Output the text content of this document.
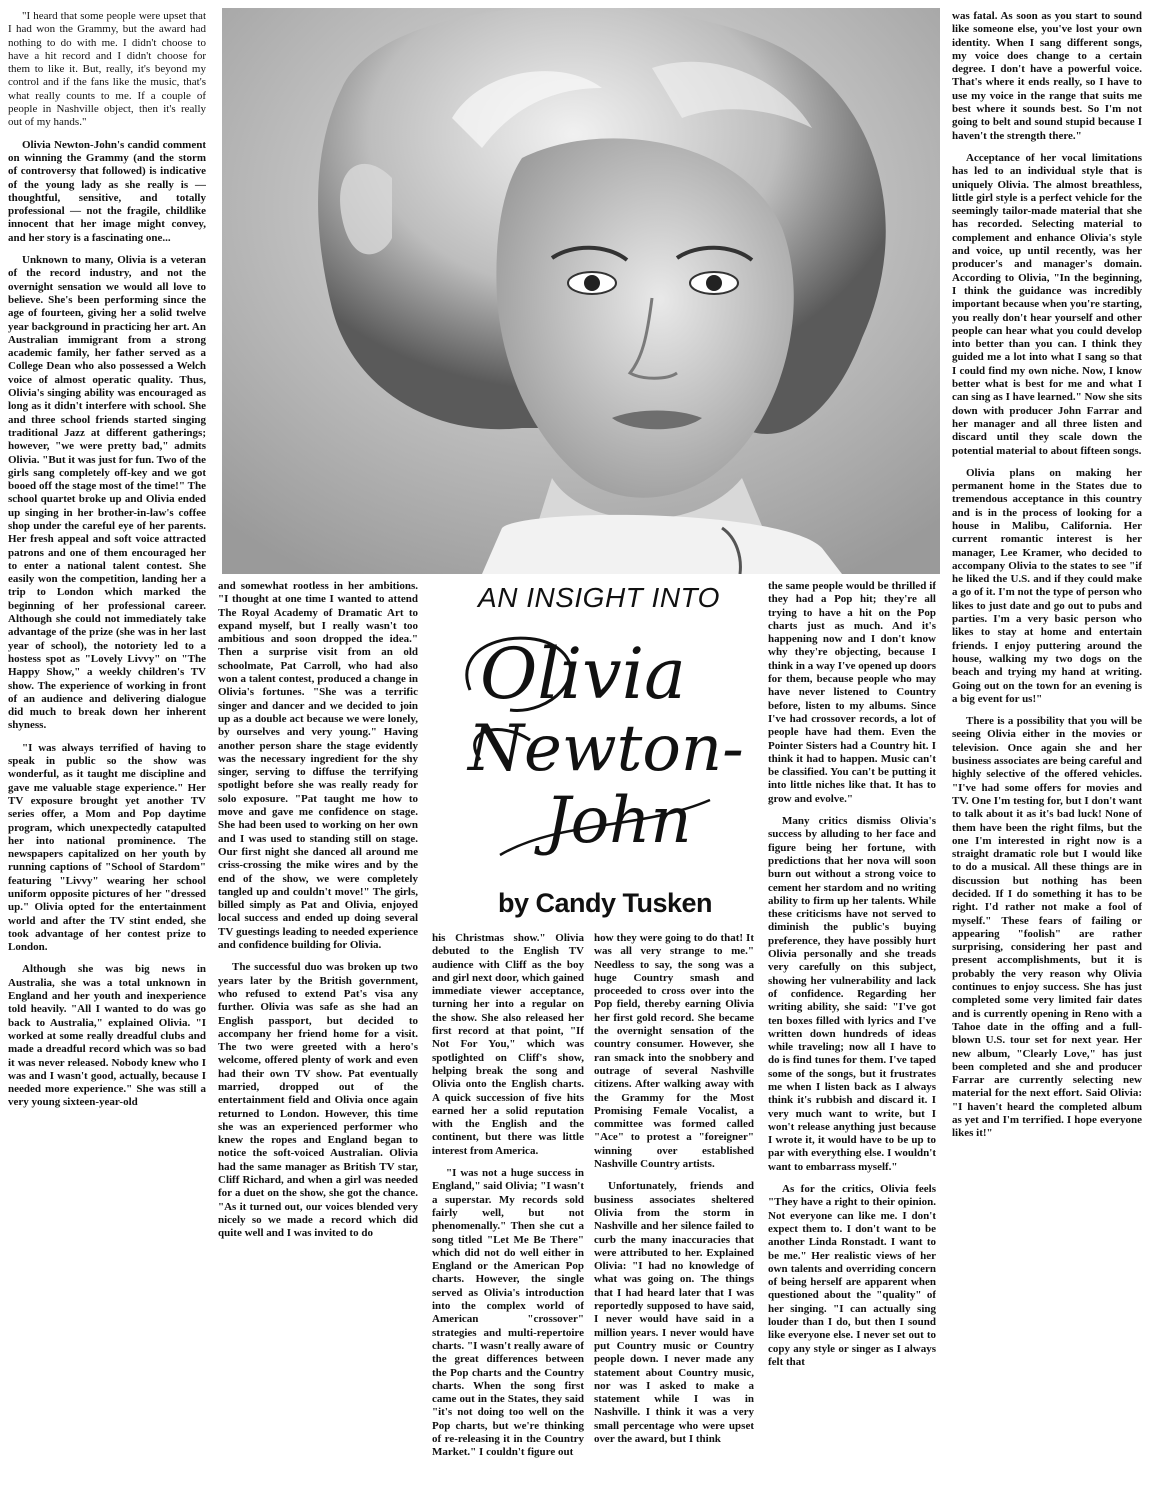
AN INSIGHT INTO
Olivia
Newton-
John
by Candy Tusken

"I heard that some people were upset that I had won the Grammy, but the award had nothing to do with me. I didn't choose to have a hit record and I didn't choose for them to like it. But, really, it's beyond my control and if the fans like the music, that's what really counts to me. If a couple of people in Nashville object, then it's really out of my hands."

Olivia Newton-John's candid comment on winning the Grammy (and the storm of controversy that followed) is indicative of the young lady as she really is — thoughtful, sensitive, and totally professional — not the fragile, childlike innocent that her image might convey, and her story is a fascinating one...

Unknown to many, Olivia is a veteran of the record industry, and not the overnight sensation we would all love to believe. She's been performing since the age of fourteen, giving her a solid twelve year background in practicing her art. An Australian immigrant from a strong academic family, her father served as a College Dean who also possessed a Welch voice of almost operatic quality. Thus, Olivia's singing ability was encouraged as long as it didn't interfere with school. She and three school friends started singing traditional Jazz at different gatherings; however, "we were pretty bad," admits Olivia. "But it was just for fun. Two of the girls sang completely off-key and we got booed off the stage most of the time!" The school quartet broke up and Olivia ended up singing in her brother-in-law's coffee shop under the careful eye of her parents. Her fresh appeal and soft voice attracted patrons and one of them encouraged her to enter a national talent contest. She easily won the competition, landing her a trip to London which marked the beginning of her professional career. Although she could not immediately take advantage of the prize (she was in her last year of school), the notoriety led to a hostess spot as "Lovely Livvy" on "The Happy Show," a weekly children's TV show. The experience of working in front of an audience and delivering dialogue did much to break down her inherent shyness.

"I was always terrified of having to speak in public so the show was wonderful, as it taught me discipline and gave me valuable stage experience." Her TV exposure brought yet another TV series offer, a Mom and Pop daytime program, which unexpectedly catapulted her into national prominence. The newspapers capitalized on her youth by running captions of "School of Stardom" featuring "Livvy" wearing her school uniform opposite pictures of her "dressed up." Olivia opted for the entertainment world and after the TV stint ended, she took advantage of her contest prize to London.

Although she was big news in Australia, she was a total unknown in England and her youth and inexperience told heavily. "All I wanted to do was go back to Australia," explained Olivia. "I worked at some really dreadful clubs and made a dreadful record which was so bad it was never released. Nobody knew who I was and I wasn't good, actually, because I needed more experience." She was still a very young sixteen-year-old

and somewhat rootless in her ambitions. "I thought at one time I wanted to attend The Royal Academy of Dramatic Art to expand myself, but I really wasn't too ambitious and soon dropped the idea." Then a surprise visit from an old schoolmate, Pat Carroll, who had also won a talent contest, produced a change in Olivia's fortunes. "She was a terrific singer and dancer and we decided to join up as a double act because we were lonely, by ourselves and very young." Having another person share the stage evidently was the necessary ingredient for the shy singer, serving to diffuse the terrifying spotlight before she was really ready for solo exposure. "Pat taught me how to move and gave me confidence on stage. She had been used to working on her own and I was used to standing still on stage. Our first night she danced all around me criss-crossing the mike wires and by the end of the show, we were completely tangled up and couldn't move!" The girls, billed simply as Pat and Olivia, enjoyed local success and ended up doing several TV guestings leading to needed experience and confidence building for Olivia.

The successful duo was broken up two years later by the British government, who refused to extend Pat's visa any further. Olivia was safe as she had an English passport, but decided to accompany her friend home for a visit. The two were greeted with a hero's welcome, offered plenty of work and even had their own TV show. Pat eventually married, dropped out of the entertainment field and Olivia once again returned to London. However, this time she was an experienced performer who knew the ropes and England began to notice the soft-voiced Australian. Olivia had the same manager as British TV star, Cliff Richard, and when a girl was needed for a duet on the show, she got the chance. "As it turned out, our voices blended very nicely so we made a record which did quite well and I was invited to do

his Christmas show." Olivia debuted to the English TV audience with Cliff as the boy and girl next door, which gained immediate viewer acceptance, turning her into a regular on the show. She also released her first record at that point, "If Not For You," which was spotlighted on Cliff's show, helping break the song and Olivia onto the English charts. A quick succession of five hits earned her a solid reputation with the English and the continent, but there was little interest from America.

"I was not a huge success in England," said Olivia; "I wasn't a superstar. My records sold fairly well, but not phenomenally." Then she cut a song titled "Let Me Be There" which did not do well either in England or the American Pop charts. However, the single served as Olivia's introduction into the complex world of American "crossover" strategies and multi-repertoire charts. "I wasn't really aware of the great differences between the Pop charts and the Country charts. When the song first came out in the States, they said "it's not doing too well on the Pop charts, but we're thinking of re-releasing it in the Country Market." I couldn't figure out

how they were going to do that! It was all very strange to me." Needless to say, the song was a huge Country smash and proceeded to cross over into the Pop field, thereby earning Olivia her first gold record. She became the overnight sensation of the country consumer. However, she ran smack into the snobbery and outrage of several Nashville citizens. After walking away with the Grammy for the Most Promising Female Vocalist, a committee was formed called "Ace" to protest a "foreigner" winning over established Nashville Country artists.

Unfortunately, friends and business associates sheltered Olivia from the storm in Nashville and her silence failed to curb the many inaccuracies that were attributed to her. Explained Olivia: "I had no knowledge of what was going on. The things that I had heard later that I was reportedly supposed to have said, I never would have said in a million years. I never would have put Country music or Country people down. I never made any statement about Country music, nor was I asked to make a statement while I was in Nashville. I think it was a very small percentage who were upset over the award, but I think

the same people would be thrilled if they had a Pop hit; they're all trying to have a hit on the Pop charts just as much. And it's happening now and I don't know why they're objecting, because I think in a way I've opened up doors for them, because people who may have never listened to Country before, listen to my albums. Since I've had crossover records, a lot of people have had them. Even the Pointer Sisters had a Country hit. I think it had to happen. Music can't be classified. You can't be putting it into little niches like that. It has to grow and evolve."

Many critics dismiss Olivia's success by alluding to her face and figure being her fortune, with predictions that her nova will soon burn out without a strong voice to cement her stardom and no writing ability to firm up her talents. While these criticisms have not served to diminish the public's buying preference, they have possibly hurt Olivia personally and she treads very carefully on this subject, showing her vulnerability and lack of confidence. Regarding her writing ability, she said: "I've got ten boxes filled with lyrics and I've written down hundreds of ideas while traveling; now all I have to do is find tunes for them. I've taped some of the songs, but it frustrates me when I listen back as I always think it's rubbish and discard it. I very much want to write, but I won't release anything just because I wrote it, it would have to be up to par with everything else. I wouldn't want to embarrass myself."

As for the critics, Olivia feels "They have a right to their opinion. Not everyone can like me. I don't expect them to. I don't want to be another Linda Ronstadt. I want to be me." Her realistic views of her own talents and overriding concern of being herself are apparent when questioned about the "quality" of her singing. "I can actually sing louder than I do, but then I sound like everyone else. I never set out to copy any style or singer as I always felt that

was fatal. As soon as you start to sound like someone else, you've lost your own identity. When I sang different songs, my voice does change to a certain degree. I don't have a powerful voice. That's where it ends really, so I have to use my voice in the range that suits me best where it sounds best. So I'm not going to belt and sound stupid because I haven't the strength there."

Acceptance of her vocal limitations has led to an individual style that is uniquely Olivia. The almost breathless, little girl style is a perfect vehicle for the seemingly tailor-made material that she has recorded. Selecting material to complement and enhance Olivia's style and voice, up until recently, was her producer's and manager's domain. According to Olivia, "In the beginning, I think the guidance was incredibly important because when you're starting, you really don't hear yourself and other people can hear what you could develop into better than you can. I think they guided me a lot into what I sang so that I could find my own niche. Now, I know better what is best for me and what I can sing as I have learned." Now she sits down with producer John Farrar and her manager and all three listen and discard until they scale down the potential material to about fifteen songs.

Olivia plans on making her permanent home in the States due to tremendous acceptance in this country and is in the process of looking for a house in Malibu, California. Her current romantic interest is her manager, Lee Kramer, who decided to accompany Olivia to the states to see "if he liked the U.S. and if they could make a go of it. I'm not the type of person who likes to just date and go out to pubs and parties. I'm a very basic person who likes to stay at home and entertain friends. I enjoy puttering around the house, walking my two dogs on the beach and trying my hand at writing. Going out on the town for an evening is a big event for us!"

There is a possibility that you will be seeing Olivia either in the movies or television. Once again she and her business associates are being careful and highly selective of the offered vehicles. "I've had some offers for movies and TV. One I'm testing for, but I don't want to talk about it as it's bad luck! None of them have been the right films, but the one I'm interested in right now is a straight dramatic role but I would like to do a musical. All these things are in discussion but nothing has been decided. If I do something it has to be right. I'd rather not make a fool of myself." These fears of failing or appearing "foolish" are rather surprising, considering her past and present accomplishments, but it is probably the very reason why Olivia continues to enjoy success. She has just completed some very limited fair dates and is currently opening in Reno with a Tahoe date in the offing and a full-blown U.S. tour set for next year. Her new album, "Clearly Love," has just been completed and she and producer Farrar are currently selecting new material for the next effort. Said Olivia: "I haven't heard the completed album as yet and I'm terrified. I hope everyone likes it!"
